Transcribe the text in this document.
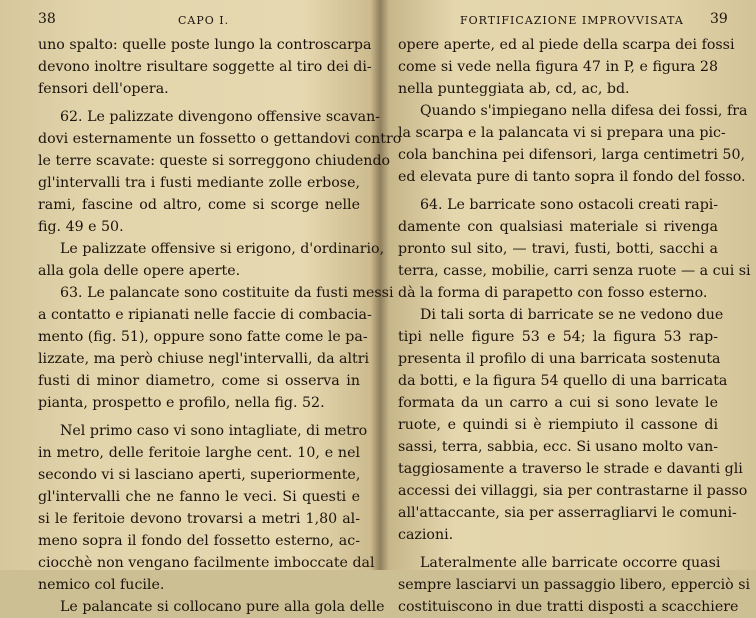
38	CAPO I.
uno spalto: quelle poste lungo la controscarpa
devono inoltre risultare soggette al tiro dei di-
fensori dell'opera.
62. Le palizzate divengono offensive scavan-
dovi esternamente un fossetto o gettandovi contro
le terre scavate: queste si sorreggono chiudendo
gl'intervalli tra i fusti mediante zolle erbose,
rami, fascine od altro, come si scorge nelle
fig. 49 e 50.
Le palizzate offensive si erigono, d'ordinario,
alla gola delle opere aperte.
63. Le palancate sono costituite da fusti messi
a contatto e ripianati nelle faccie di combacia-
mento (fig. 51), oppure sono fatte come le pa-
lizzate, ma però chiuse negl'intervalli, da altri
fusti di minor diametro, come si osserva in
pianta, prospetto e profilo, nella fig. 52.
Nel primo caso vi sono intagliate, di metro
in metro, delle feritoie larghe cent. 10, e nel
secondo vi si lasciano aperti, superiormente,
gl'intervalli che ne fanno le veci. Si questi e
si le feritoie devono trovarsi a metri 1,80 al-
meno sopra il fondo del fossetto esterno, ac-
ciocchè non vengano facilmente imboccate dal
nemico col fucile.
Le palancate si collocano pure alla gola delle
FORTIFICAZIONE IMPROVVISATA 39
opere aperte, ed al piede della scarpa dei fossi
come si vede nella figura 47 in P, e figura 28
nella punteggiata ab, cd, ac, bd.
Quando s'impiegano nella difesa dei fossi, fra
la scarpa e la palancata vi si prepara una pic-
cola banchina pei difensori, larga centimetri 50,
ed elevata pure di tanto sopra il fondo del fosso.
64. Le barricate sono ostacoli creati rapi-
damente con qualsiasi materiale si rivenga
pronto sul sito, — travi, fusti, botti, sacchi a
terra, casse, mobilie, carri senza ruote — a cui si
dà la forma di parapetto con fosso esterno.
Di tali sorta di barricate se ne vedono due
tipi nelle figure 53 e 54; la figura 53 rap-
presenta il profilo di una barricata sostenuta
da botti, e la figura 54 quello di una barricata
formata da un carro a cui si sono levate le
ruote, e quindi si è riempiuto il cassone di
sassi, terra, sabbia, ecc. Si usano molto van-
taggiosamente a traverso le strade e davanti gli
accessi dei villaggi, sia per contrastarne il passo
all'attaccante, sia per asserragliarvi le comuni-
cazioni.
Lateralmente alle barricate occorre quasi
sempre lasciarvi un passaggio libero, epperciò si
costituiscono in due tratti disposti a scacchiere
